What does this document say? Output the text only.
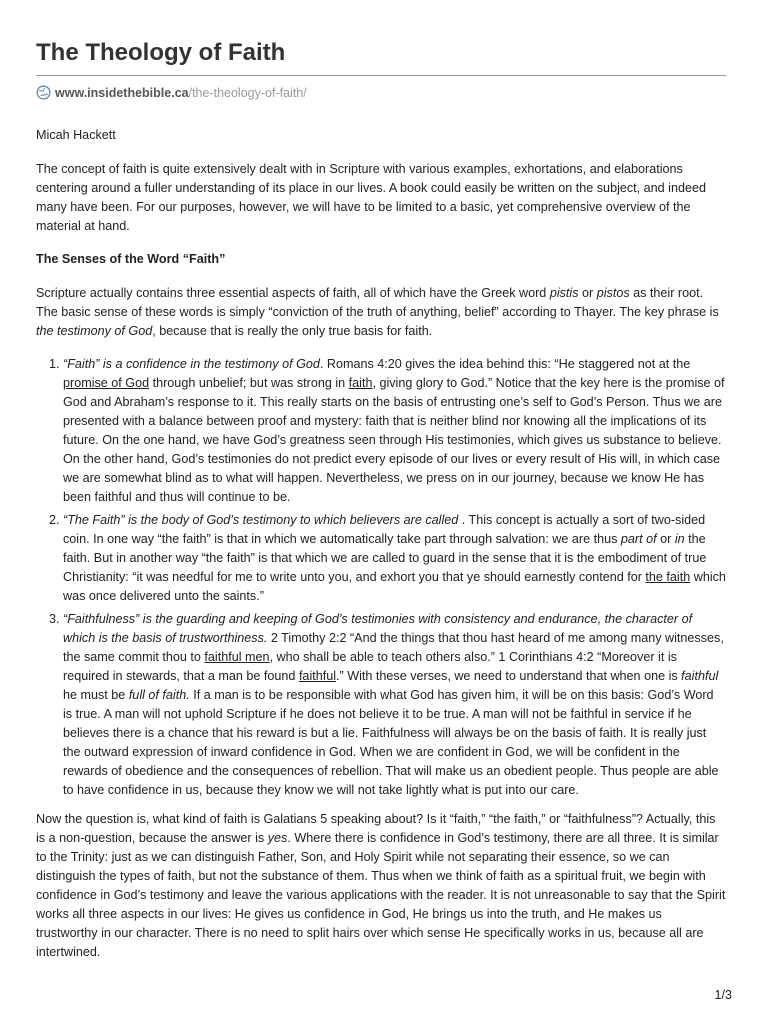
The Theology of Faith
www.insidethebible.ca/the-theology-of-faith/

Micah Hackett

The concept of faith is quite extensively dealt with in Scripture with various examples, exhortations, and elaborations centering around a fuller understanding of its place in our lives. A book could easily be written on the subject, and indeed many have been. For our purposes, however, we will have to be limited to a basic, yet comprehensive overview of the material at hand.

The Senses of the Word “Faith”

Scripture actually contains three essential aspects of faith, all of which have the Greek word pistis or pistos as their root. The basic sense of these words is simply “conviction of the truth of anything, belief” according to Thayer. The key phrase is the testimony of God, because that is really the only true basis for faith.

1. “Faith” is a confidence in the testimony of God. Romans 4:20 gives the idea behind this: “He staggered not at the promise of God through unbelief; but was strong in faith, giving glory to God.” Notice that the key here is the promise of God and Abraham’s response to it. This really starts on the basis of entrusting one’s self to God’s Person. Thus we are presented with a balance between proof and mystery: faith that is neither blind nor knowing all the implications of its future. On the one hand, we have God’s greatness seen through His testimonies, which gives us substance to believe. On the other hand, God’s testimonies do not predict every episode of our lives or every result of His will, in which case we are somewhat blind as to what will happen. Nevertheless, we press on in our journey, because we know He has been faithful and thus will continue to be.
2. “The Faith” is the body of God’s testimony to which believers are called . This concept is actually a sort of two-sided coin. In one way “the faith” is that in which we automatically take part through salvation: we are thus part of or in the faith. But in another way “the faith” is that which we are called to guard in the sense that it is the embodiment of true Christianity: “it was needful for me to write unto you, and exhort you that ye should earnestly contend for the faith which was once delivered unto the saints.”
3. “Faithfulness” is the guarding and keeping of God’s testimonies with consistency and endurance, the character of which is the basis of trustworthiness. 2 Timothy 2:2 “And the things that thou hast heard of me among many witnesses, the same commit thou to faithful men, who shall be able to teach others also.” 1 Corinthians 4:2 “Moreover it is required in stewards, that a man be found faithful.” With these verses, we need to understand that when one is faithful he must be full of faith. If a man is to be responsible with what God has given him, it will be on this basis: God’s Word is true. A man will not uphold Scripture if he does not believe it to be true. A man will not be faithful in service if he believes there is a chance that his reward is but a lie. Faithfulness will always be on the basis of faith. It is really just the outward expression of inward confidence in God. When we are confident in God, we will be confident in the rewards of obedience and the consequences of rebellion. That will make us an obedient people. Thus people are able to have confidence in us, because they know we will not take lightly what is put into our care.

Now the question is, what kind of faith is Galatians 5 speaking about? Is it “faith,” “the faith,” or “faithfulness”? Actually, this is a non-question, because the answer is yes. Where there is confidence in God’s testimony, there are all three. It is similar to the Trinity: just as we can distinguish Father, Son, and Holy Spirit while not separating their essence, so we can distinguish the types of faith, but not the substance of them. Thus when we think of faith as a spiritual fruit, we begin with confidence in God’s testimony and leave the various applications with the reader. It is not unreasonable to say that the Spirit works all three aspects in our lives: He gives us confidence in God, He brings us into the truth, and He makes us trustworthy in our character. There is no need to split hairs over which sense He specifically works in us, because all are intertwined.

1/3
